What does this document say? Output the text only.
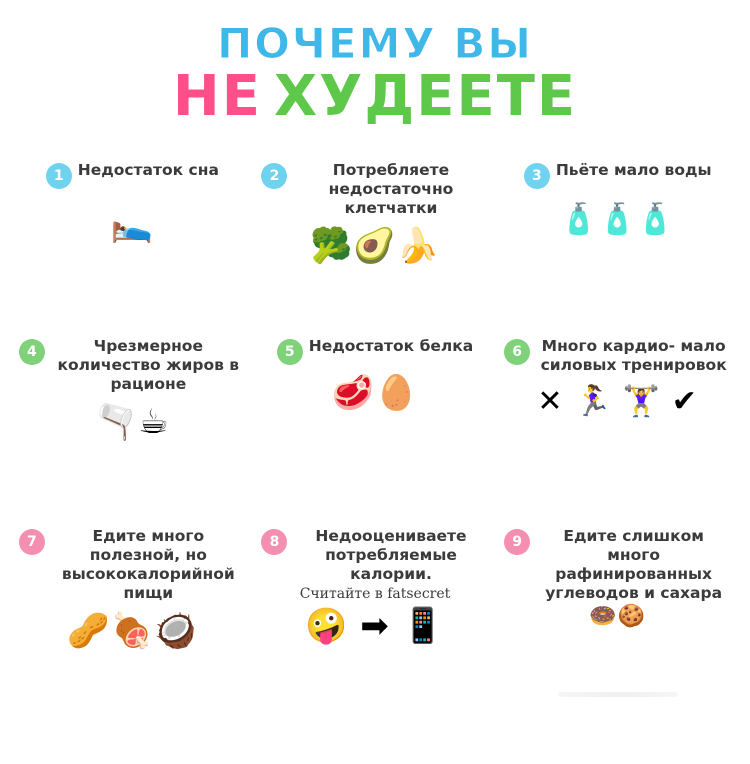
ПОЧЕМУ ВЫ
НЕ ХУДЕЕТЕ
1 Недостаток сна
🛌
2	Потребляете недостаточно клетчатки
🥦🥑🍌
3 Пьёте мало воды
🧴🧴🧴
4	Чрезмерное количество жиров в рационе
🫗☕
5 Недостаток белка
🥩🥚
6	Много кардио- мало силовых тренировок
✕ 🏃‍♀️ 🏋️‍♀️ ✔
7	Едите много полезной, но высококалорийной пищи
🥜🍖🥥
8	Недооцениваете потребляемые калории.
Считайте в fatsecret
🤪 ➡ 📱
9	Едите слишком много рафинированных углеводов и сахара
🍩🍪
